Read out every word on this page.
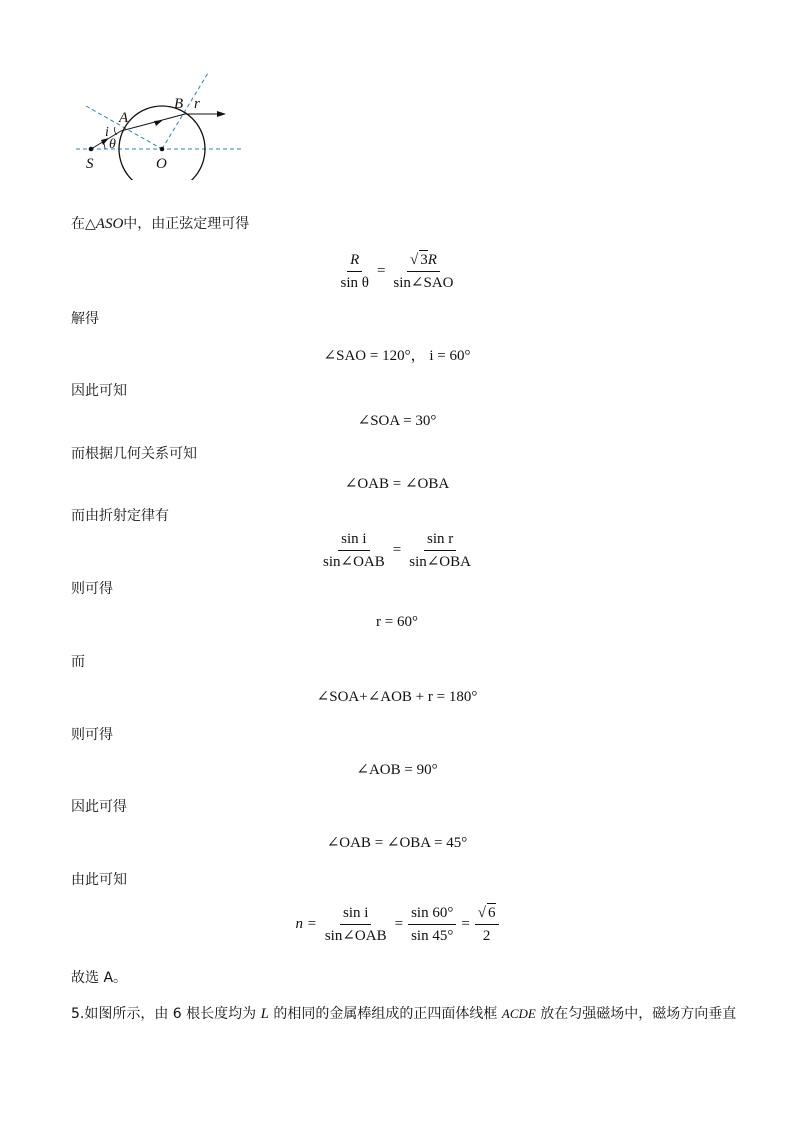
S	O
A
B
i
θ
r
在△ASO中，由正弦定理可得
$\frac{R}{\text{sin θ}} = \frac{√ 3R}{\text{sin∠SAO}}$
解得
∠SAO = 120°， i = 60°
因此可知
∠SOA = 30°
而根据几何关系可知
∠OAB = ∠OBA
而由折射定律有
$\frac{\text{sin i}}{\text{sin∠OAB}} = \frac{\text{sin r}}{\text{sin∠OBA}}$
则可得
r = 60°
而
∠SOA+∠AOB + r = 180°
则可得
∠AOB = 90°
因此可得
∠OAB = ∠OBA = 45°
由此可知
$n = \frac{\text{sin i}}{\text{sin∠OAB}} = \frac{\sin 60^\circ}{\sin 45^\circ} = \frac{√ 6}{2}$
故选 A。
5.如图所示，由 6 根长度均为 L 的相同的金属棒组成的正四面体线框 ACDE 放在匀强磁场中，磁场方向垂直
